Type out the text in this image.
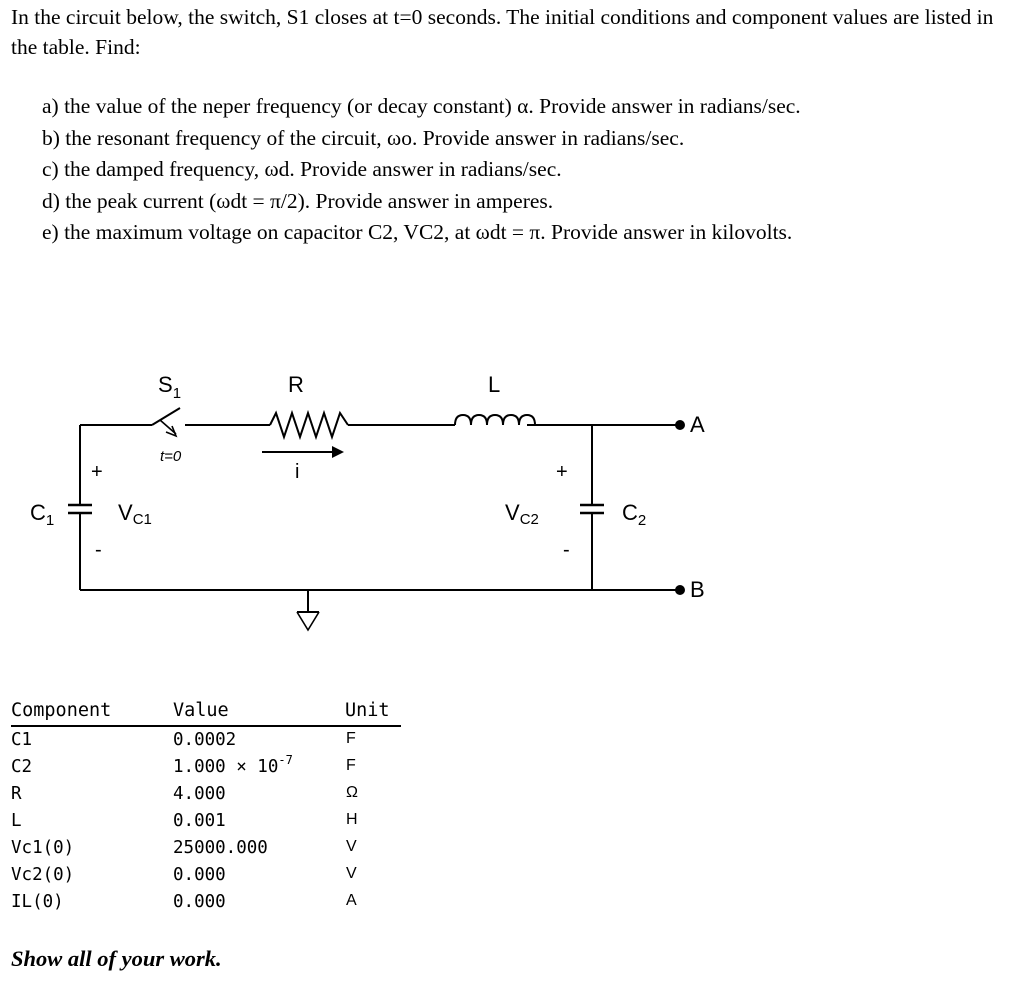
In the circuit below, the switch, S1 closes at t=0 seconds. The initial conditions and component values are listed in the table. Find:

a) the value of the neper frequency (or decay constant) α. Provide answer in radians/sec.
b) the resonant frequency of the circuit, ωo. Provide answer in radians/sec.
c) the damped frequency, ωd. Provide answer in radians/sec.
d) the peak current (ωdt = π/2). Provide answer in amperes.
e) the maximum voltage on capacitor C2, VC2, at ωdt = π. Provide answer in kilovolts.
$S_1$
t=0
R
i
L
A
B
+
-
$C_1$	VC1
+
-
VC2	$C_2$
Component	Value	Unit
C1	0.0002	F
C2	$1.000 \times 10^{-7}$	F
R	4.000	Ω
L	0.001	H
Vc1(0)	25000.000	V
Vc2(0)	0.000	V
IL(0)	0.000	A

Show all of your work.
